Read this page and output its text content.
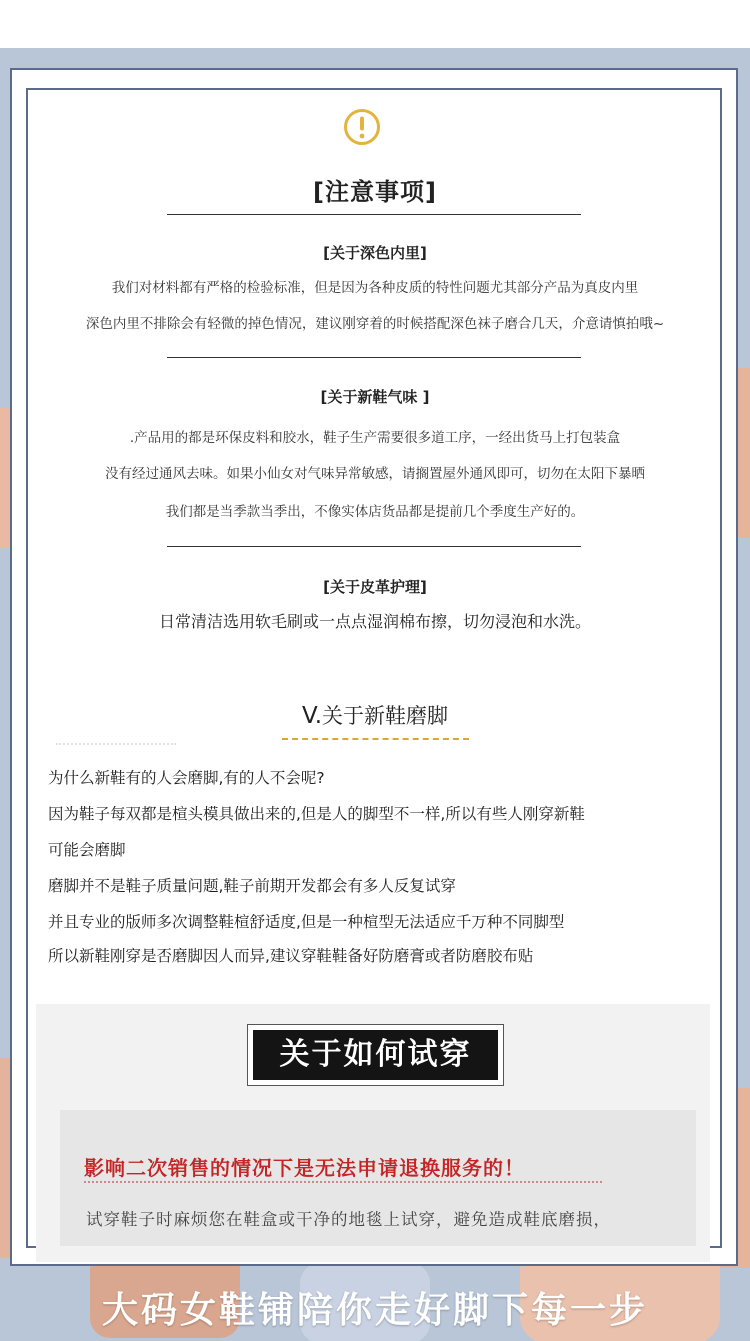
[注意事项]
[关于深色内里]
我们对材料都有严格的检验标准，但是因为各种皮质的特性问题尤其部分产品为真皮内里
深色内里不排除会有轻微的掉色情况，建议刚穿着的时候搭配深色袜子磨合几天，介意请慎拍哦~
[关于新鞋气味 ]
.产品用的都是环保皮料和胶水，鞋子生产需要很多道工序，一经出货马上打包装盒
没有经过通风去味。如果小仙女对气味异常敏感，请搁置屋外通风即可，切勿在太阳下暴晒
我们都是当季款当季出，不像实体店货品都是提前几个季度生产好的。
[关于皮革护理]
日常清洁选用软毛刷或一点点湿润棉布擦，切勿浸泡和水洗。
V.关于新鞋磨脚
为什么新鞋有的人会磨脚,有的人不会呢?
因为鞋子每双都是楦头模具做出来的,但是人的脚型不一样,所以有些人刚穿新鞋
可能会磨脚
磨脚并不是鞋子质量问题,鞋子前期开发都会有多人反复试穿
并且专业的版师多次调整鞋楦舒适度,但是一种楦型无法适应千万种不同脚型
所以新鞋刚穿是否磨脚因人而异,建议穿鞋鞋备好防磨膏或者防磨胶布贴
关于如何试穿
影响二次销售的情况下是无法申请退换服务的！
试穿鞋子时麻烦您在鞋盒或干净的地毯上试穿，避免造成鞋底磨损，
大码女鞋铺陪你走好脚下每一步
